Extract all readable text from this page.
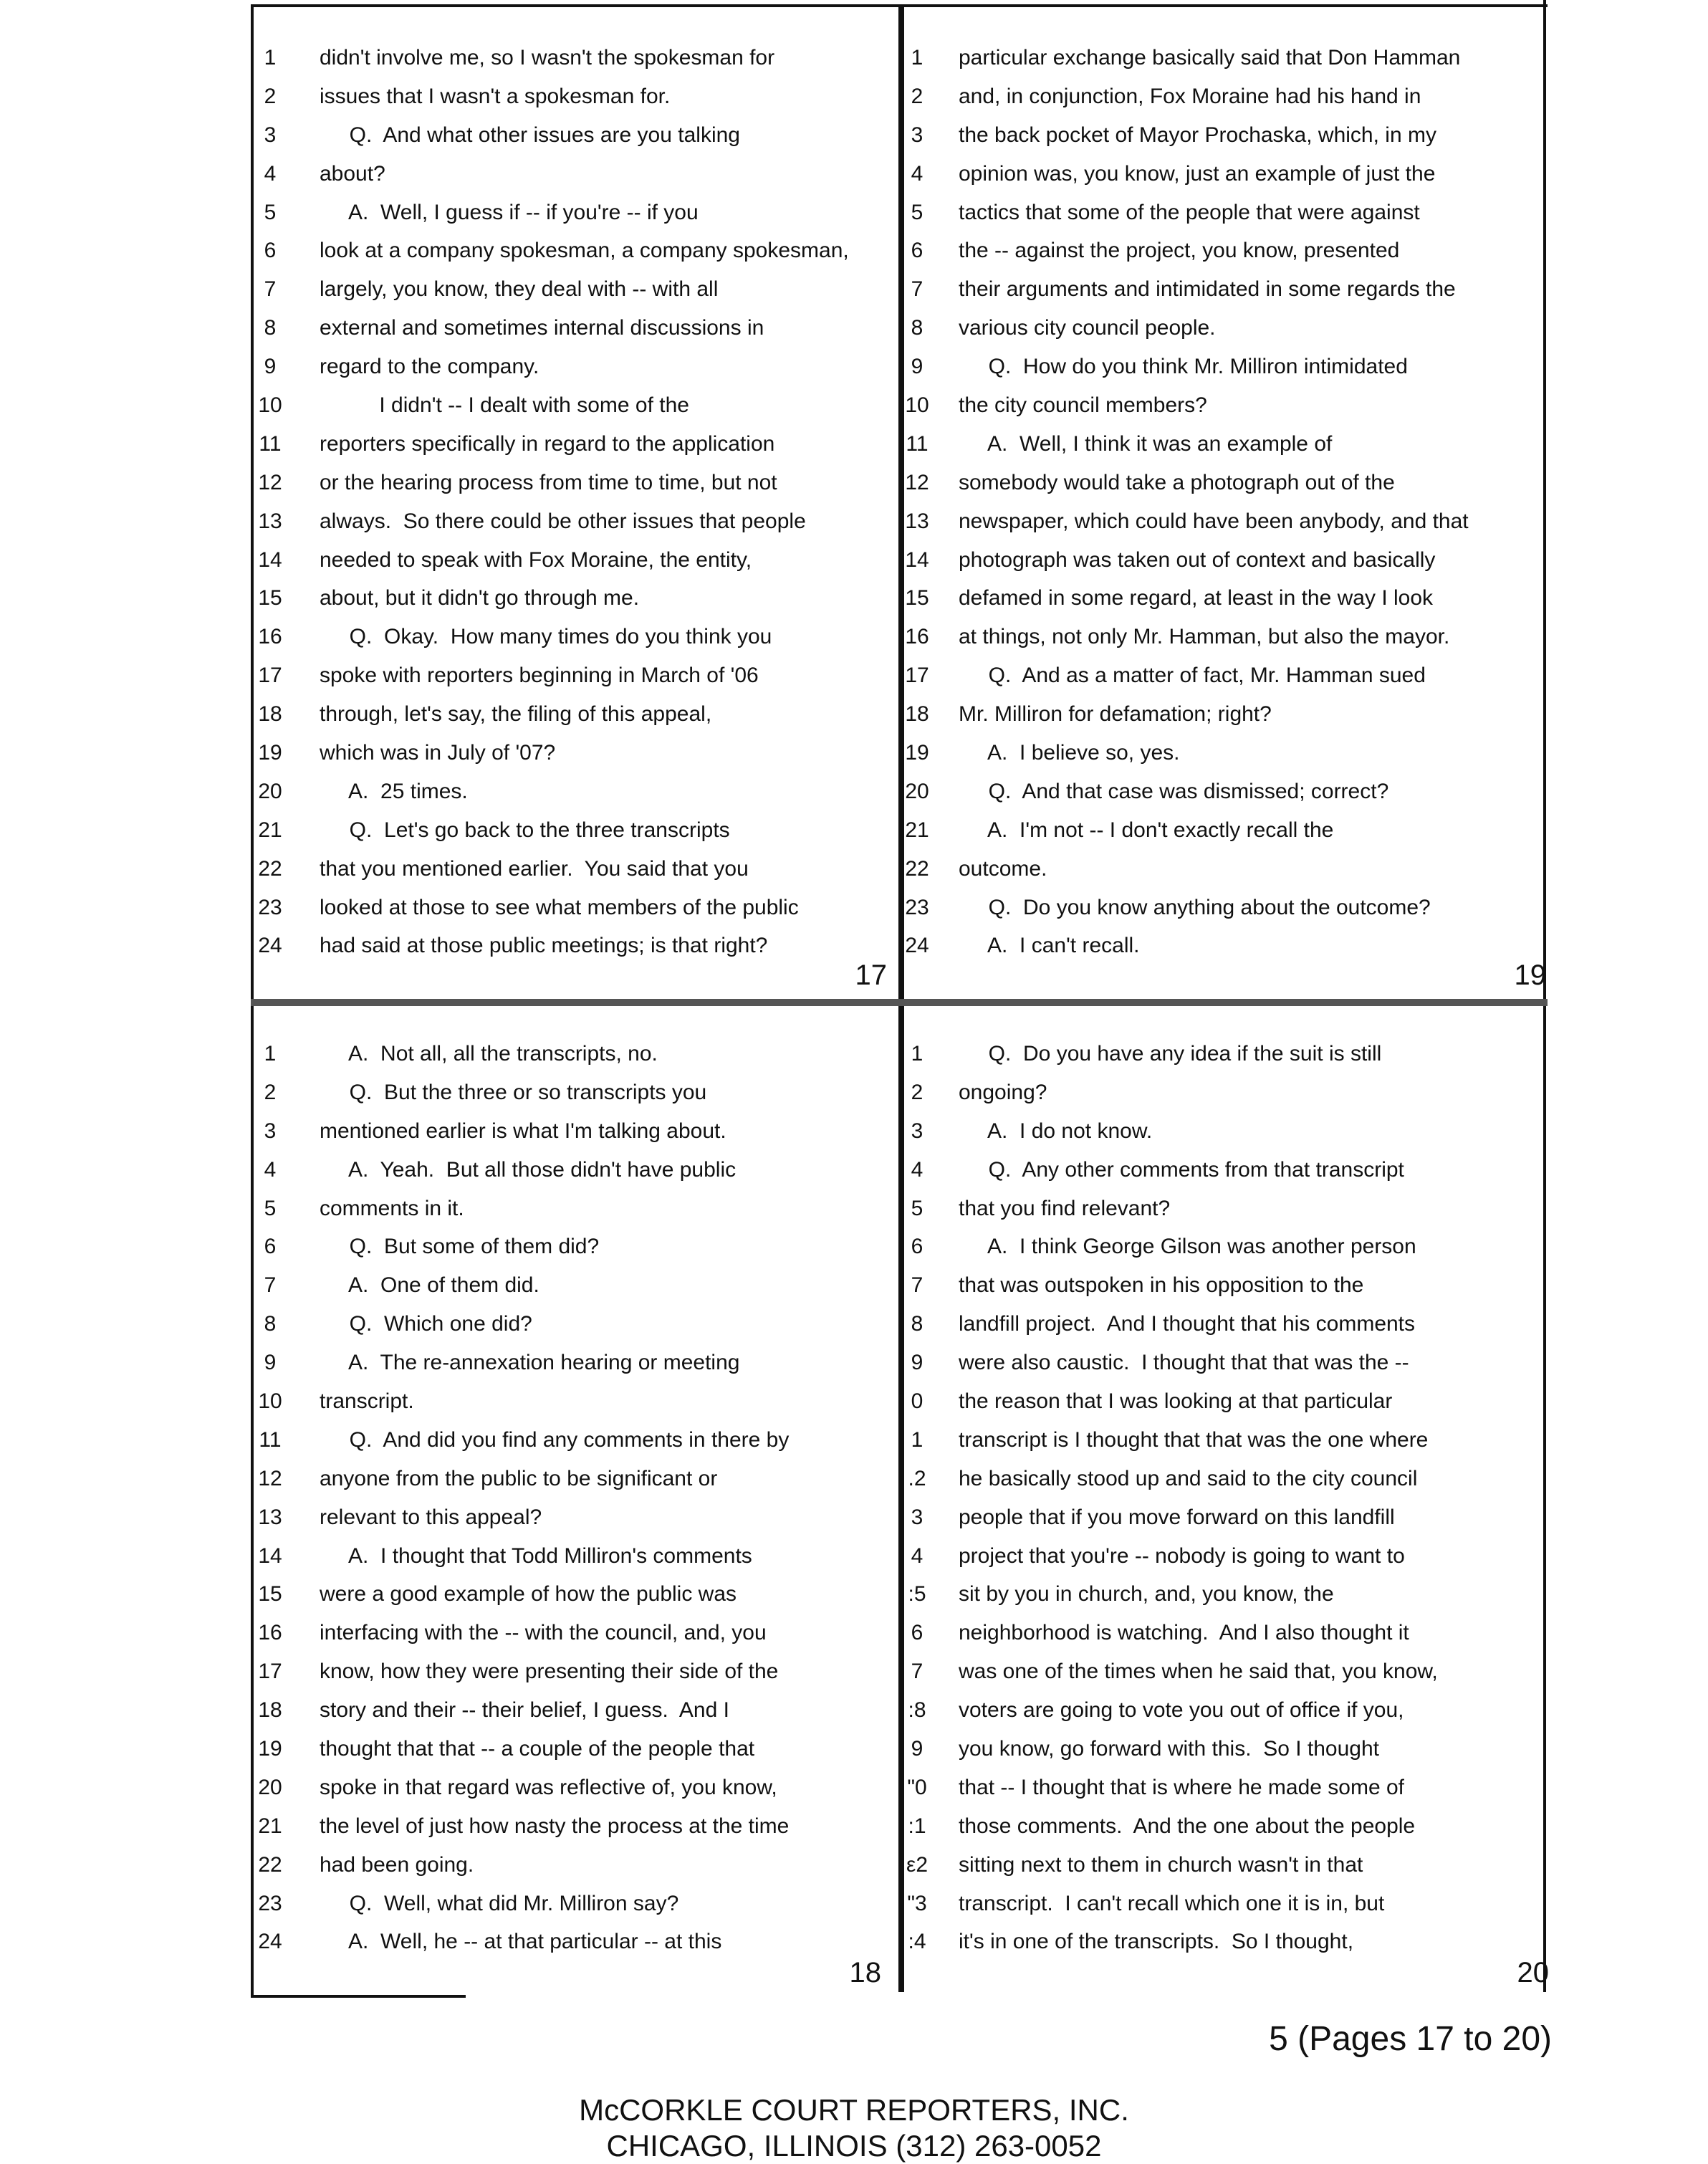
1	didn't involve me, so I wasn't the spokesman for
2	issues that I wasn't a spokesman for.
3	Q.  And what other issues are you talking
4	about?
5	A.  Well, I guess if -- if you're -- if you
6	look at a company spokesman, a company spokesman,
7	largely, you know, they deal with -- with all
8	external and sometimes internal discussions in
9	regard to the company.
10	I didn't -- I dealt with some of the
11	reporters specifically in regard to the application
12	or the hearing process from time to time, but not
13	always.  So there could be other issues that people
14	needed to speak with Fox Moraine, the entity,
15	about, but it didn't go through me.
16	Q.  Okay.  How many times do you think you
17	spoke with reporters beginning in March of '06
18	through, let's say, the filing of this appeal,
19	which was in July of '07?
20	A.  25 times.
21	Q.  Let's go back to the three transcripts
22	that you mentioned earlier.  You said that you
23	looked at those to see what members of the public
24	had said at those public meetings; is that right?
17
1	particular exchange basically said that Don Hamman
2	and, in conjunction, Fox Moraine had his hand in
3	the back pocket of Mayor Prochaska, which, in my
4	opinion was, you know, just an example of just the
5	tactics that some of the people that were against
6	the -- against the project, you know, presented
7	their arguments and intimidated in some regards the
8	various city council people.
9	Q.  How do you think Mr. Milliron intimidated
10	the city council members?
11	A.  Well, I think it was an example of
12	somebody would take a photograph out of the
13	newspaper, which could have been anybody, and that
14	photograph was taken out of context and basically
15	defamed in some regard, at least in the way I look
16	at things, not only Mr. Hamman, but also the mayor.
17	Q.  And as a matter of fact, Mr. Hamman sued
18	Mr. Milliron for defamation; right?
19	A.  I believe so, yes.
20	Q.  And that case was dismissed; correct?
21	A.  I'm not -- I don't exactly recall the
22	outcome.
23	Q.  Do you know anything about the outcome?
24	A.  I can't recall.
19
1	A.  Not all, all the transcripts, no.
2	Q.  But the three or so transcripts you
3	mentioned earlier is what I'm talking about.
4	A.  Yeah.  But all those didn't have public
5	comments in it.
6	Q.  But some of them did?
7	A.  One of them did.
8	Q.  Which one did?
9	A.  The re-annexation hearing or meeting
10	transcript.
11	Q.  And did you find any comments in there by
12	anyone from the public to be significant or
13	relevant to this appeal?
14	A.  I thought that Todd Milliron's comments
15	were a good example of how the public was
16	interfacing with the -- with the council, and, you
17	know, how they were presenting their side of the
18	story and their -- their belief, I guess.  And I
19	thought that that -- a couple of the people that
20	spoke in that regard was reflective of, you know,
21	the level of just how nasty the process at the time
22	had been going.
23	Q.  Well, what did Mr. Milliron say?
24	A.  Well, he -- at that particular -- at this
18
1	Q.  Do you have any idea if the suit is still
2	ongoing?
3	A.  I do not know.
4	Q.  Any other comments from that transcript
5	that you find relevant?
6	A.  I think George Gilson was another person
7	that was outspoken in his opposition to the
8	landfill project.  And I thought that his comments
9	were also caustic.  I thought that that was the --
0	the reason that I was looking at that particular
1	transcript is I thought that that was the one where
.2	he basically stood up and said to the city council
3	people that if you move forward on this landfill
4	project that you're -- nobody is going to want to
:5	sit by you in church, and, you know, the
6	neighborhood is watching.  And I also thought it
7	was one of the times when he said that, you know,
:8	voters are going to vote you out of office if you,
9	you know, go forward with this.  So I thought
"0	that -- I thought that is where he made some of
:1	those comments.  And the one about the people
ε2	sitting next to them in church wasn't in that
"3	transcript.  I can't recall which one it is in, but
:4	it's in one of the transcripts.  So I thought,
20
5 (Pages 17 to 20)
McCORKLE COURT REPORTERS, INC.
CHICAGO, ILLINOIS (312) 263-0052
